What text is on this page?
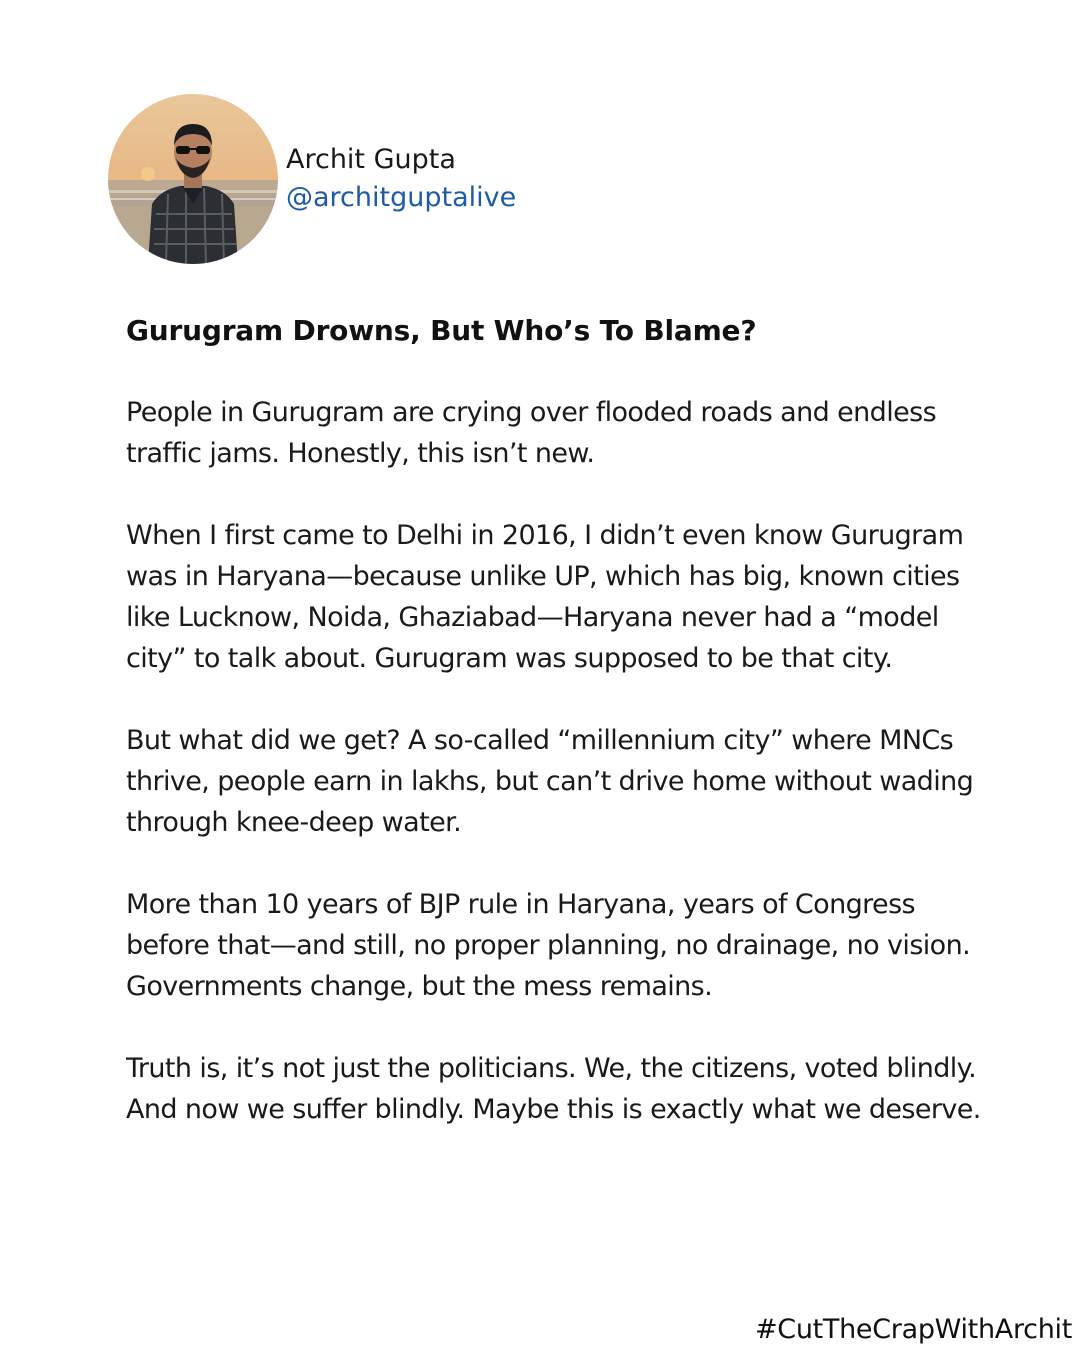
Archit Gupta
@architguptalive
Gurugram Drowns, But Who’s To Blame?

People in Gurugram are crying over flooded roads and endless traffic jams. Honestly, this isn’t new.

When I first came to Delhi in 2016, I didn’t even know Gurugram was in Haryana—because unlike UP, which has big, known cities like Lucknow, Noida, Ghaziabad—Haryana never had a “model city” to talk about. Gurugram was supposed to be that city.

But what did we get? A so-called “millennium city” where MNCs thrive, people earn in lakhs, but can’t drive home without wading through knee-deep water.

More than 10 years of BJP rule in Haryana, years of Congress before that—and still, no proper planning, no drainage, no vision. Governments change, but the mess remains.

Truth is, it’s not just the politicians. We, the citizens, voted blindly. And now we suffer blindly. Maybe this is exactly what we deserve.

#CutTheCrapWithArchit
